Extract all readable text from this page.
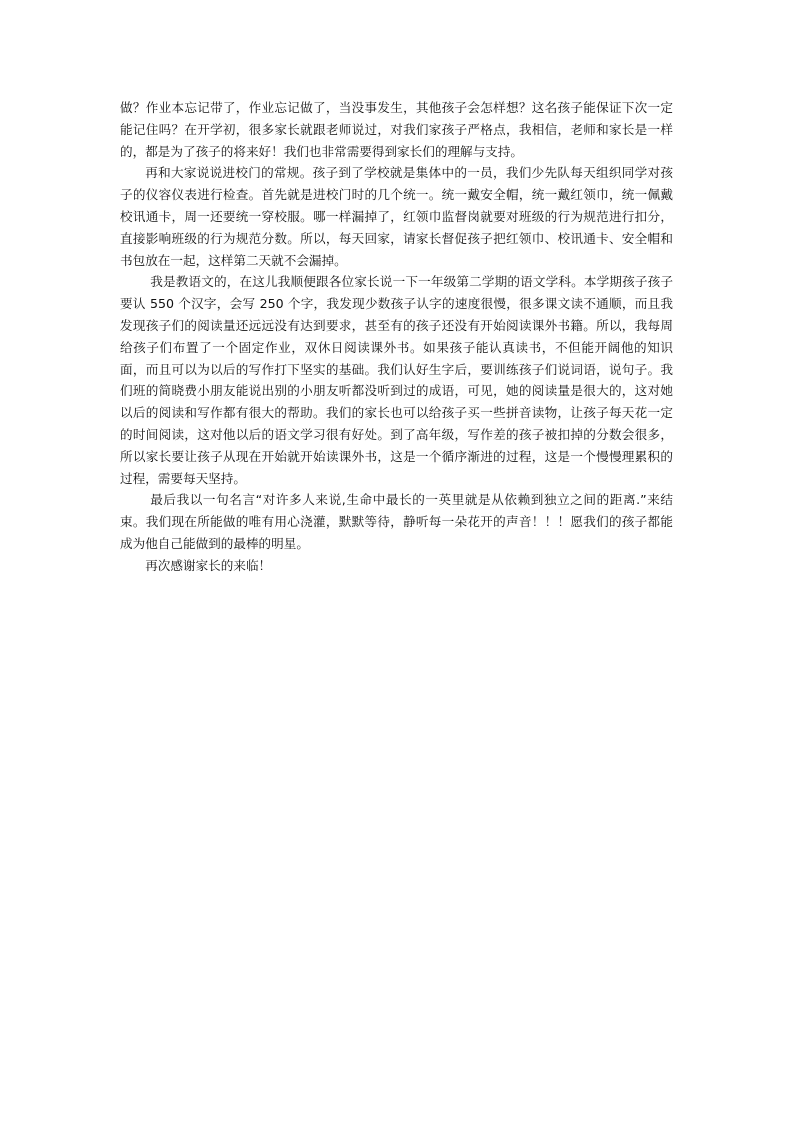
做？作业本忘记带了，作业忘记做了，当没事发生，其他孩子会怎样想？这名孩子能保证下次一定能记住吗？在开学初，很多家长就跟老师说过，对我们家孩子严格点，我相信，老师和家长是一样的，都是为了孩子的将来好！我们也非常需要得到家长们的理解与支持。

再和大家说说进校门的常规。孩子到了学校就是集体中的一员，我们少先队每天组织同学对孩子的仪容仪表进行检查。首先就是进校门时的几个统一。统一戴安全帽，统一戴红领巾，统一佩戴校讯通卡，周一还要统一穿校服。哪一样漏掉了，红领巾监督岗就要对班级的行为规范进行扣分，直接影响班级的行为规范分数。所以，每天回家，请家长督促孩子把红领巾、校讯通卡、安全帽和书包放在一起，这样第二天就不会漏掉。

我是教语文的，在这儿我顺便跟各位家长说一下一年级第二学期的语文学科。本学期孩子孩子要认 550 个汉字，会写 250 个字，我发现少数孩子认字的速度很慢，很多课文读不通顺，而且我发现孩子们的阅读量还远远没有达到要求，甚至有的孩子还没有开始阅读课外书籍。所以，我每周给孩子们布置了一个固定作业，双休日阅读课外书。如果孩子能认真读书，不但能开阔他的知识面，而且可以为以后的写作打下坚实的基础。我们认好生字后，要训练孩子们说词语，说句子。我们班的简晓费小朋友能说出别的小朋友听都没听到过的成语，可见，她的阅读量是很大的，这对她以后的阅读和写作都有很大的帮助。我们的家长也可以给孩子买一些拼音读物，让孩子每天花一定的时间阅读，这对他以后的语文学习很有好处。到了高年级，写作差的孩子被扣掉的分数会很多，所以家长要让孩子从现在开始就开始读课外书，这是一个循序渐进的过程，这是一个慢慢理累积的过程，需要每天坚持。

最后我以一句名言“对许多人来说,生命中最长的一英里就是从依赖到独立之间的距离.”来结束。我们现在所能做的唯有用心浇灌，默默等待，静听每一朵花开的声音！！！愿我们的孩子都能成为他自己能做到的最棒的明星。

再次感谢家长的来临！
